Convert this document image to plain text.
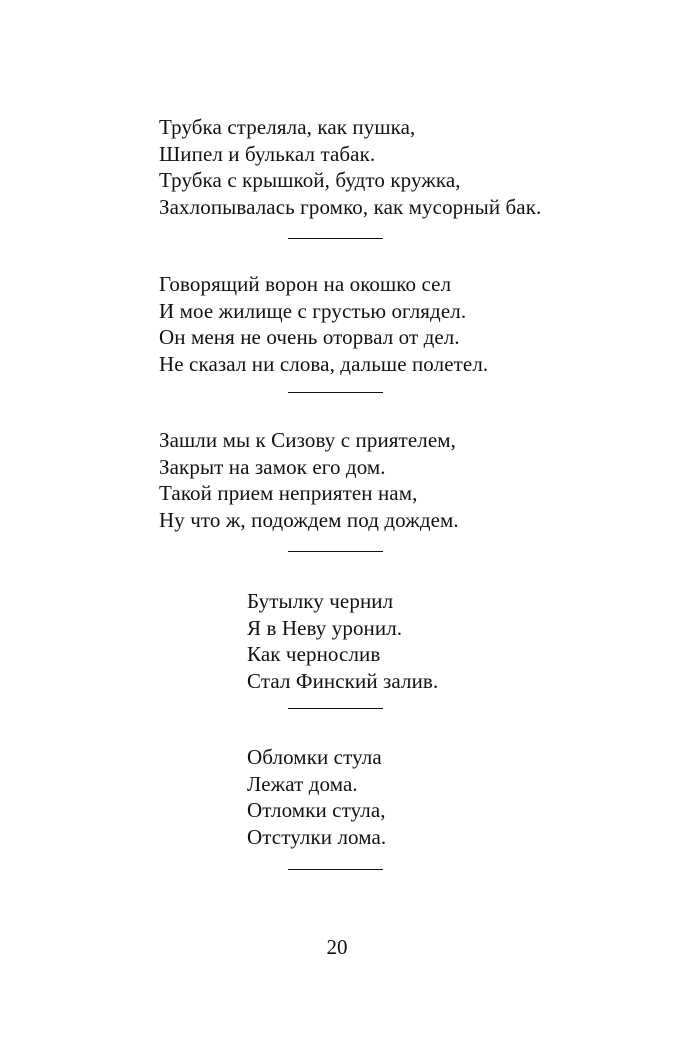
Трубка стреляла, как пушка,
Шипел и булькал табак.
Трубка с крышкой, будто кружка,
Захлопывалась громко, как мусорный бак.
Говорящий ворон на окошко сел
И мое жилище с грустью оглядел.
Он меня не очень оторвал от дел.
Не сказал ни слова, дальше полетел.
Зашли мы к Сизову с приятелем,
Закрыт на замок его дом.
Такой прием неприятен нам,
Ну что ж, подождем под дождем.
Бутылку чернил
Я в Неву уронил.
Как чернослив
Стал Финский залив.
Обломки стула
Лежат дома.
Отломки стула,
Отстулки лома.
20
